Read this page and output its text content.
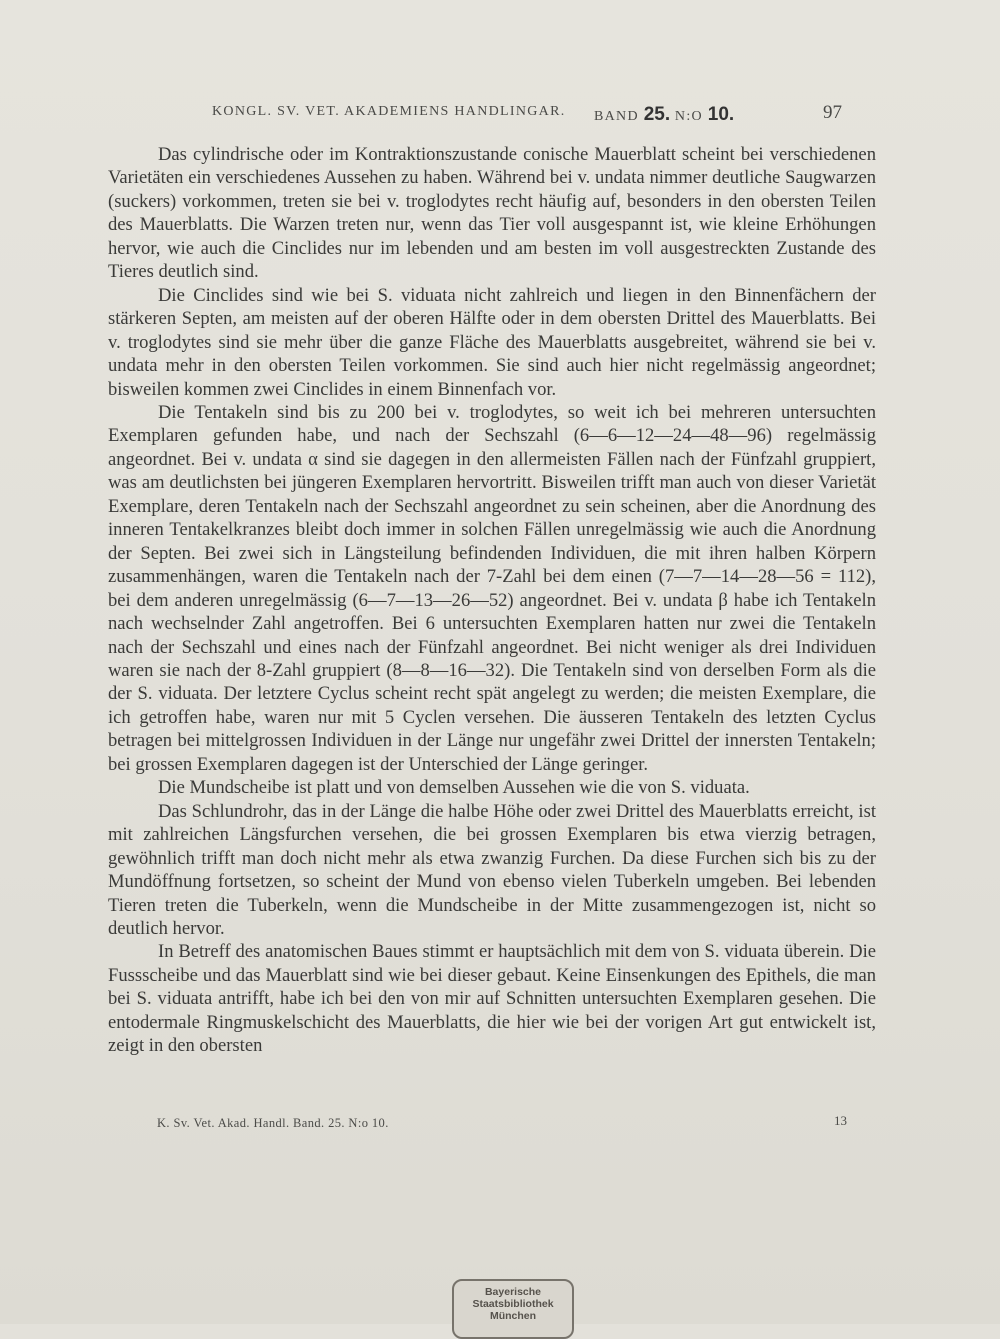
KONGL. SV. VET. AKADEMIENS HANDLINGAR. BAND 25. N:O 10.	97

Das cylindrische oder im Kontraktionszustande conische Mauerblatt scheint bei verschiedenen Varietäten ein verschiedenes Aussehen zu haben. Während bei v. undata nimmer deutliche Saugwarzen (suckers) vorkommen, treten sie bei v. troglodytes recht häufig auf, besonders in den obersten Teilen des Mauerblatts. Die Warzen treten nur, wenn das Tier voll ausgespannt ist, wie kleine Erhöhungen hervor, wie auch die Cinclides nur im lebenden und am besten im voll ausgestreckten Zustande des Tieres deutlich sind.

Die Cinclides sind wie bei S. viduata nicht zahlreich und liegen in den Binnenfächern der stärkeren Septen, am meisten auf der oberen Hälfte oder in dem obersten Drittel des Mauerblatts. Bei v. troglodytes sind sie mehr über die ganze Fläche des Mauerblatts ausgebreitet, während sie bei v. undata mehr in den obersten Teilen vorkommen. Sie sind auch hier nicht regelmässig angeordnet; bisweilen kommen zwei Cinclides in einem Binnenfach vor.

Die Tentakeln sind bis zu 200 bei v. troglodytes, so weit ich bei mehreren untersuchten Exemplaren gefunden habe, und nach der Sechszahl (6—6—12—24—48—96) regelmässig angeordnet. Bei v. undata α sind sie dagegen in den allermeisten Fällen nach der Fünfzahl gruppiert, was am deutlichsten bei jüngeren Exemplaren hervortritt. Bisweilen trifft man auch von dieser Varietät Exemplare, deren Tentakeln nach der Sechszahl angeordnet zu sein scheinen, aber die Anordnung des inneren Tentakelkranzes bleibt doch immer in solchen Fällen unregelmässig wie auch die Anordnung der Septen. Bei zwei sich in Längsteilung befindenden Individuen, die mit ihren halben Körpern zusammenhängen, waren die Tentakeln nach der 7-Zahl bei dem einen (7—7—14—28—56 = 112), bei dem anderen unregelmässig (6—7—13—26—52) angeordnet. Bei v. undata β habe ich Tentakeln nach wechselnder Zahl angetroffen. Bei 6 untersuchten Exemplaren hatten nur zwei die Tentakeln nach der Sechszahl und eines nach der Fünfzahl angeordnet. Bei nicht weniger als drei Individuen waren sie nach der 8-Zahl gruppiert (8—8—16—32). Die Tentakeln sind von derselben Form als die der S. viduata. Der letztere Cyclus scheint recht spät angelegt zu werden; die meisten Exemplare, die ich getroffen habe, waren nur mit 5 Cyclen versehen. Die äusseren Tentakeln des letzten Cyclus betragen bei mittelgrossen Individuen in der Länge nur ungefähr zwei Drittel der innersten Tentakeln; bei grossen Exemplaren dagegen ist der Unterschied der Länge geringer.

Die Mundscheibe ist platt und von demselben Aussehen wie die von S. viduata.

Das Schlundrohr, das in der Länge die halbe Höhe oder zwei Drittel des Mauerblatts erreicht, ist mit zahlreichen Längsfurchen versehen, die bei grossen Exemplaren bis etwa vierzig betragen, gewöhnlich trifft man doch nicht mehr als etwa zwanzig Furchen. Da diese Furchen sich bis zu der Mundöffnung fortsetzen, so scheint der Mund von ebenso vielen Tuberkeln umgeben. Bei lebenden Tieren treten die Tuberkeln, wenn die Mundscheibe in der Mitte zusammengezogen ist, nicht so deutlich hervor.

In Betreff des anatomischen Baues stimmt er hauptsächlich mit dem von S. viduata überein. Die Fussscheibe und das Mauerblatt sind wie bei dieser gebaut. Keine Einsenkungen des Epithels, die man bei S. viduata antrifft, habe ich bei den von mir auf Schnitten untersuchten Exemplaren gesehen. Die entodermale Ringmuskelschicht des Mauerblatts, die hier wie bei der vorigen Art gut entwickelt ist, zeigt in den obersten

K. Sv. Vet. Akad. Handl. Band. 25. N:o 10.	13
Bayerische
Staatsbibliothek
München
